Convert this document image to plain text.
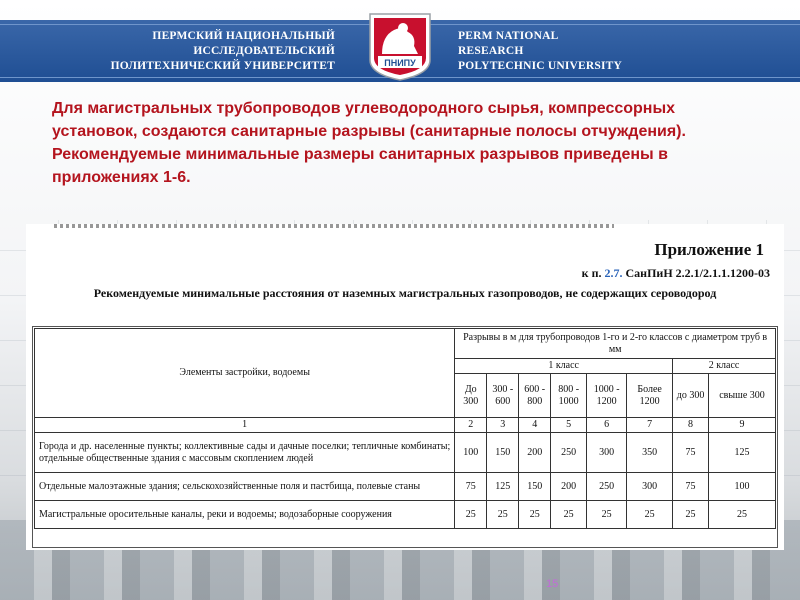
ПЕРМСКИЙ НАЦИОНАЛЬНЫЙ
ИССЛЕДОВАТЕЛЬСКИЙ
ПОЛИТЕХНИЧЕСКИЙ УНИВЕРСИТЕТ
PERM NATIONAL
RESEARCH
POLYTECHNIC UNIVERSITY
ПНИПУ
Для магистральных трубопроводов углеводородного сырья, компрессорных установок, создаются санитарные разрывы (санитарные полосы отчуждения). Рекомендуемые минимальные размеры санитарных разрывов приведены в приложениях 1-6.
Приложение 1
к п. 2.7. СанПиН 2.2.1/2.1.1.1200-03
Рекомендуемые минимальные расстояния от наземных магистральных газопроводов, не содержащих сероводород
Элементы застройки, водоемы	Разрывы в м для трубопроводов 1-го и 2-го классов с диаметром труб в мм							
	1 класс						2 класс	
	До 300	300 - 600	600 - 800	800 - 1000	1000 - 1200	Более 1200	до 300	свыше 300
1	2	3	4	5	6	7	8	9
Города и др. населенные пункты; коллективные сады и дачные поселки; тепличные комбинаты; отдельные общественные здания с массовым скоплением людей	100	150	200	250	300	350	75	125
Отдельные малоэтажные здания; сельскохозяйственные поля и пастбища, полевые станы	75	125	150	200	250	300	75	100
Магистральные оросительные каналы, реки и водоемы; водозаборные сооружения	25	25	25	25	25	25	25	25
15
